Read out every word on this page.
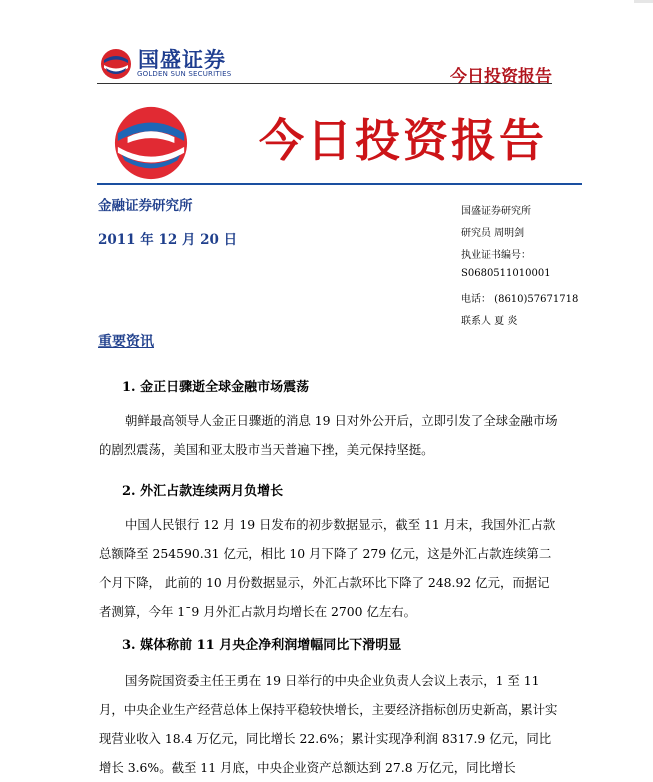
国盛证券
GOLDEN SUN SECURITIES	今日投资报告
今日投资报告
金融证券研究所
2011 年 12 月 20 日
国盛证券研究所
研究员 周明剑
执业证书编号：
S0680511010001
电话： (8610)57671718
联系人 夏 炎
重要资讯
1. 金正日骤逝全球金融市场震荡
朝鲜最高领导人金正日骤逝的消息 19 日对外公开后，立即引发了全球金融市场的剧烈震荡，美国和亚太股市当天普遍下挫，美元保持坚挺。
2. 外汇占款连续两月负增长
中国人民银行 12 月 19 日发布的初步数据显示，截至 11 月末，我国外汇占款总额降至 254590.31 亿元，相比 10 月下降了 279 亿元，这是外汇占款连续第二个月下降， 此前的 10 月份数据显示，外汇占款环比下降了 248.92 亿元，而据记者测算，今年 1¯9 月外汇占款月均增长在 2700 亿左右。
3. 媒体称前 11 月央企净利润增幅同比下滑明显
国务院国资委主任王勇在 19 日举行的中央企业负责人会议上表示，1 至 11 月，中央企业生产经营总体上保持平稳较快增长，主要经济指标创历史新高，累计实现营业收入 18.4 万亿元，同比增长 22.6%；累计实现净利润 8317.9 亿元，同比增长 3.6%。截至 11 月底，中央企业资产总额达到 27.8 万亿元，同比增长
